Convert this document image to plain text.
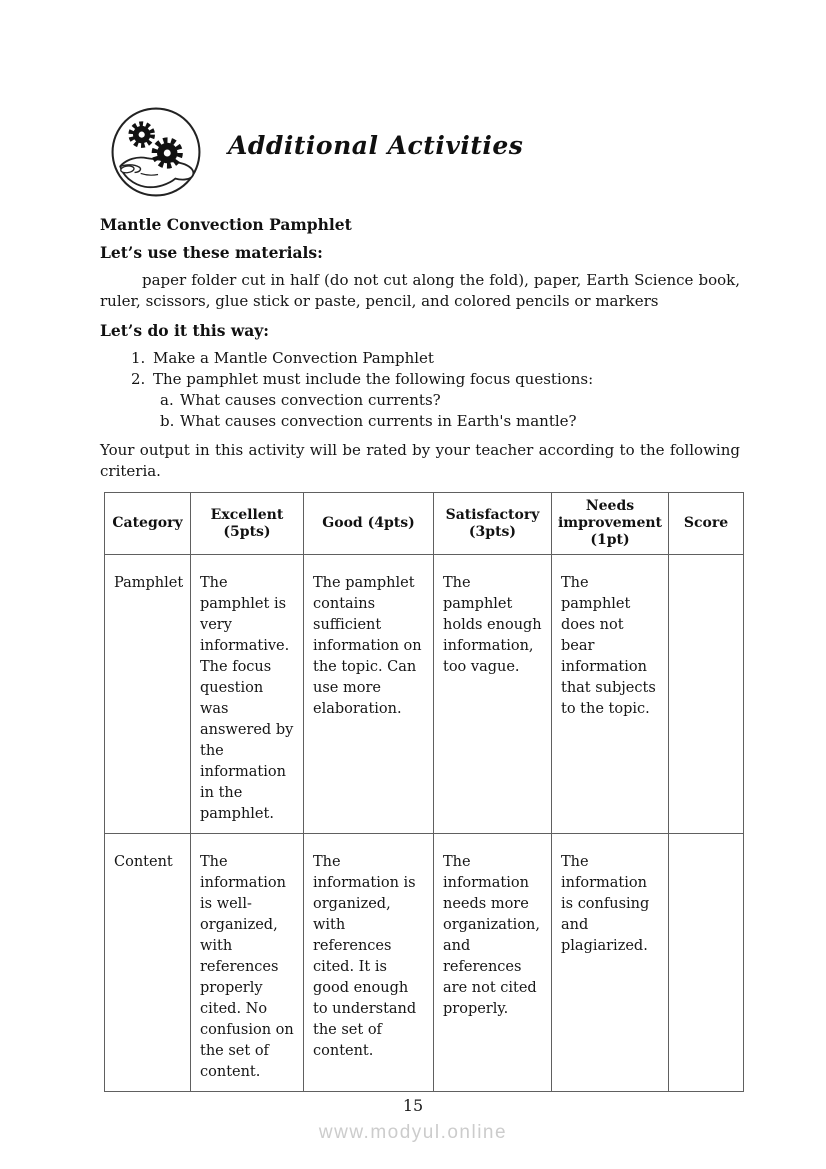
Additional Activities
Mantle Convection Pamphlet
Let’s use these materials:

paper folder cut in half (do not cut along the fold), paper, Earth Science book, ruler, scissors, glue stick or paste, pencil, and colored pencils or markers

Let’s do it this way:
1. Make a Mantle Convection Pamphlet
2. The pamphlet must include the following focus questions:
a. What causes convection currents?
b. What causes convection currents in Earth's mantle?

Your output in this activity will be rated by your teacher according to the following criteria.

Category	Excellent (5pts)	Good (4pts)	Satisfactory (3pts)	Needs improvement (1pt)	Score
Pamphlet	The pamphlet is very informative. The focus question was answered by the information in the pamphlet.	The pamphlet contains sufficient information on the topic. Can use more elaboration.	The pamphlet holds enough information, too vague.	The pamphlet does not bear information that subjects to the topic.	
Content	The information is well-organized, with references properly cited. No confusion on the set of content.	The information is organized, with references cited. It is good enough to understand the set of content.	The information needs more organization, and references are not cited properly.	The information is confusing and plagiarized.	
15
www.modyul.online
